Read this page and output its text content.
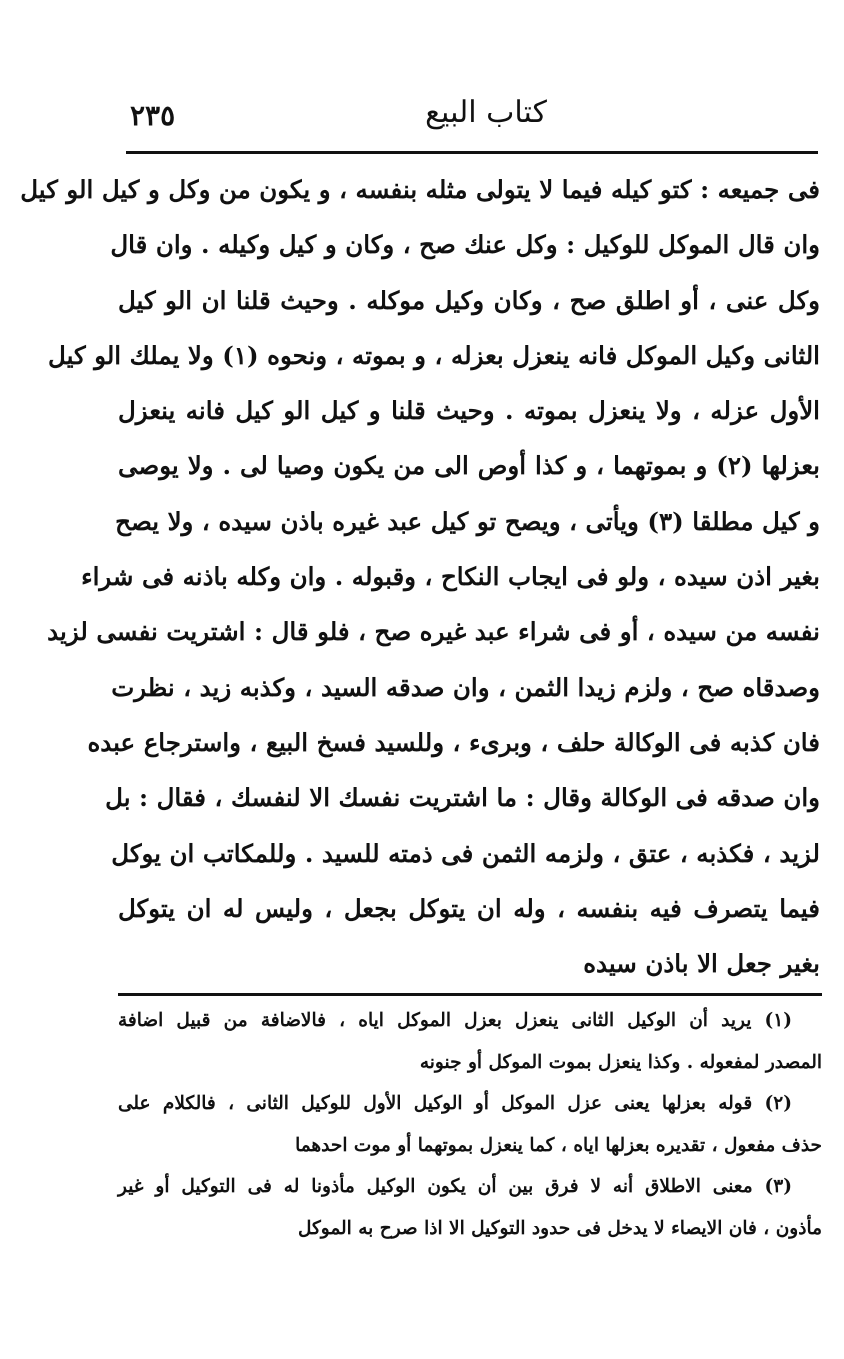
٢٣٥	كتاب البيع
فى جميعه : كتو كيله فيما لا يتولى مثله بنفسه ، و يكون من وكل و كيل الو كيل
وان قال الموكل للوكيل : وكل عنك صح ، وكان و كيل وكيله . وان قال
وكل عنى ، أو اطلق صح ، وكان وكيل موكله . وحيث قلنا ان الو كيل
الثانى وكيل الموكل فانه ينعزل بعزله ، و بموته ، ونحوه (١) ولا يملك الو كيل
الأول عزله ، ولا ينعزل بموته . وحيث قلنا و كيل الو كيل فانه ينعزل
بعزلها (٢) و بموتهما ، و كذا أوص الى من يكون وصيا لى . ولا يوصى
و كيل مطلقا (٣) ويأتى ، ويصح تو كيل عبد غيره باذن سيده ، ولا يصح
بغير اذن سيده ، ولو فى ايجاب النكاح ، وقبوله . وان وكله باذنه فى شراء
نفسه من سيده ، أو فى شراء عبد غيره صح ، فلو قال : اشتريت نفسى لزيد
وصدقاه صح ، ولزم زيدا الثمن ، وان صدقه السيد ، وكذبه زيد ، نظرت
فان كذبه فى الوكالة حلف ، وبرىء ، وللسيد فسخ البيع ، واسترجاع عبده
وان صدقه فى الوكالة وقال : ما اشتريت نفسك الا لنفسك ، فقال : بل
لزيد ، فكذبه ، عتق ، ولزمه الثمن فى ذمته للسيد . وللمكاتب ان يوكل
فيما يتصرف فيه بنفسه ، وله ان يتوكل بجعل ، وليس له ان يتوكل
بغير جعل الا باذن سيده
(١) يريد أن الوكيل الثانى ينعزل بعزل الموكل اياه ، فالاضافة من قبيل اضافة
المصدر لمفعوله . وكذا ينعزل بموت الموكل أو جنونه
(٢) قوله بعزلها يعنى عزل الموكل أو الوكيل الأول للوكيل الثانى ، فالكلام على
حذف مفعول ، تقديره بعزلها اياه ، كما ينعزل بموتهما أو موت احدهما
(٣) معنى الاطلاق أنه لا فرق بين أن يكون الوكيل مأذونا له فى التوكيل أو غير
مأذون ، فان الايصاء لا يدخل فى حدود التوكيل الا اذا صرح به الموكل
